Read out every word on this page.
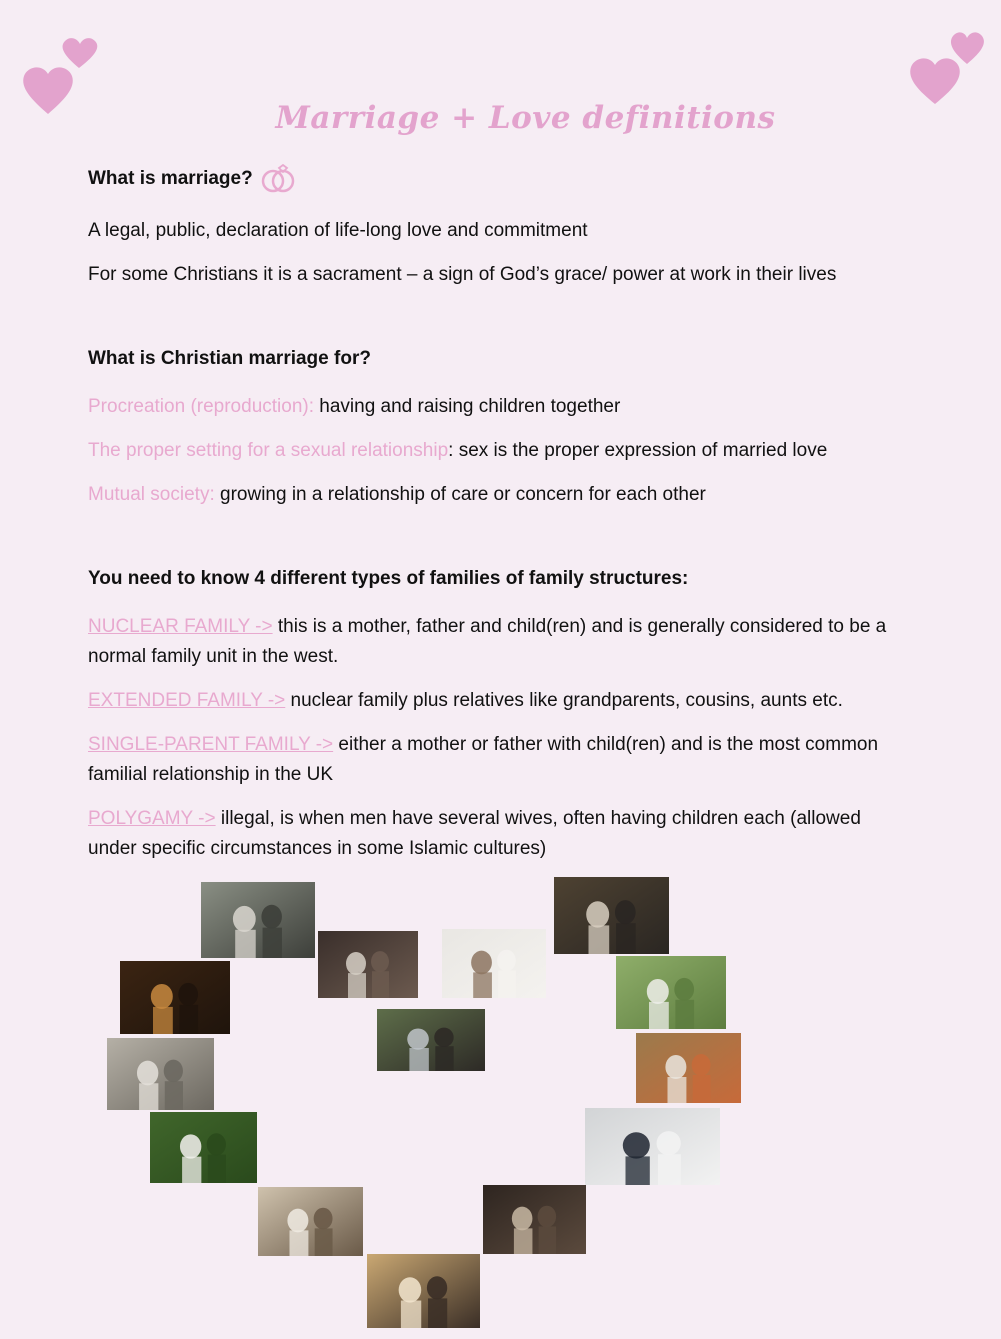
Marriage + Love definitions
What is marriage?
A legal, public, declaration of life-long love and commitment
For some Christians it is a sacrament – a sign of God’s grace/ power at work in their lives
What is Christian marriage for?
Procreation (reproduction): having and raising children together
The proper setting for a sexual relationship: sex is the proper expression of married love
Mutual society: growing in a relationship of care or concern for each other
You need to know 4 different types of families of family structures:
NUCLEAR FAMILY -> this is a mother, father and child(ren) and is generally considered to be a normal family unit in the west.
EXTENDED FAMILY -> nuclear family plus relatives like grandparents, cousins, aunts etc.
SINGLE-PARENT FAMILY -> either a mother or father with child(ren) and is the most common familial relationship in the UK
POLYGAMY -> illegal, is when men have several wives, often having children each (allowed under specific circumstances in some Islamic cultures)
